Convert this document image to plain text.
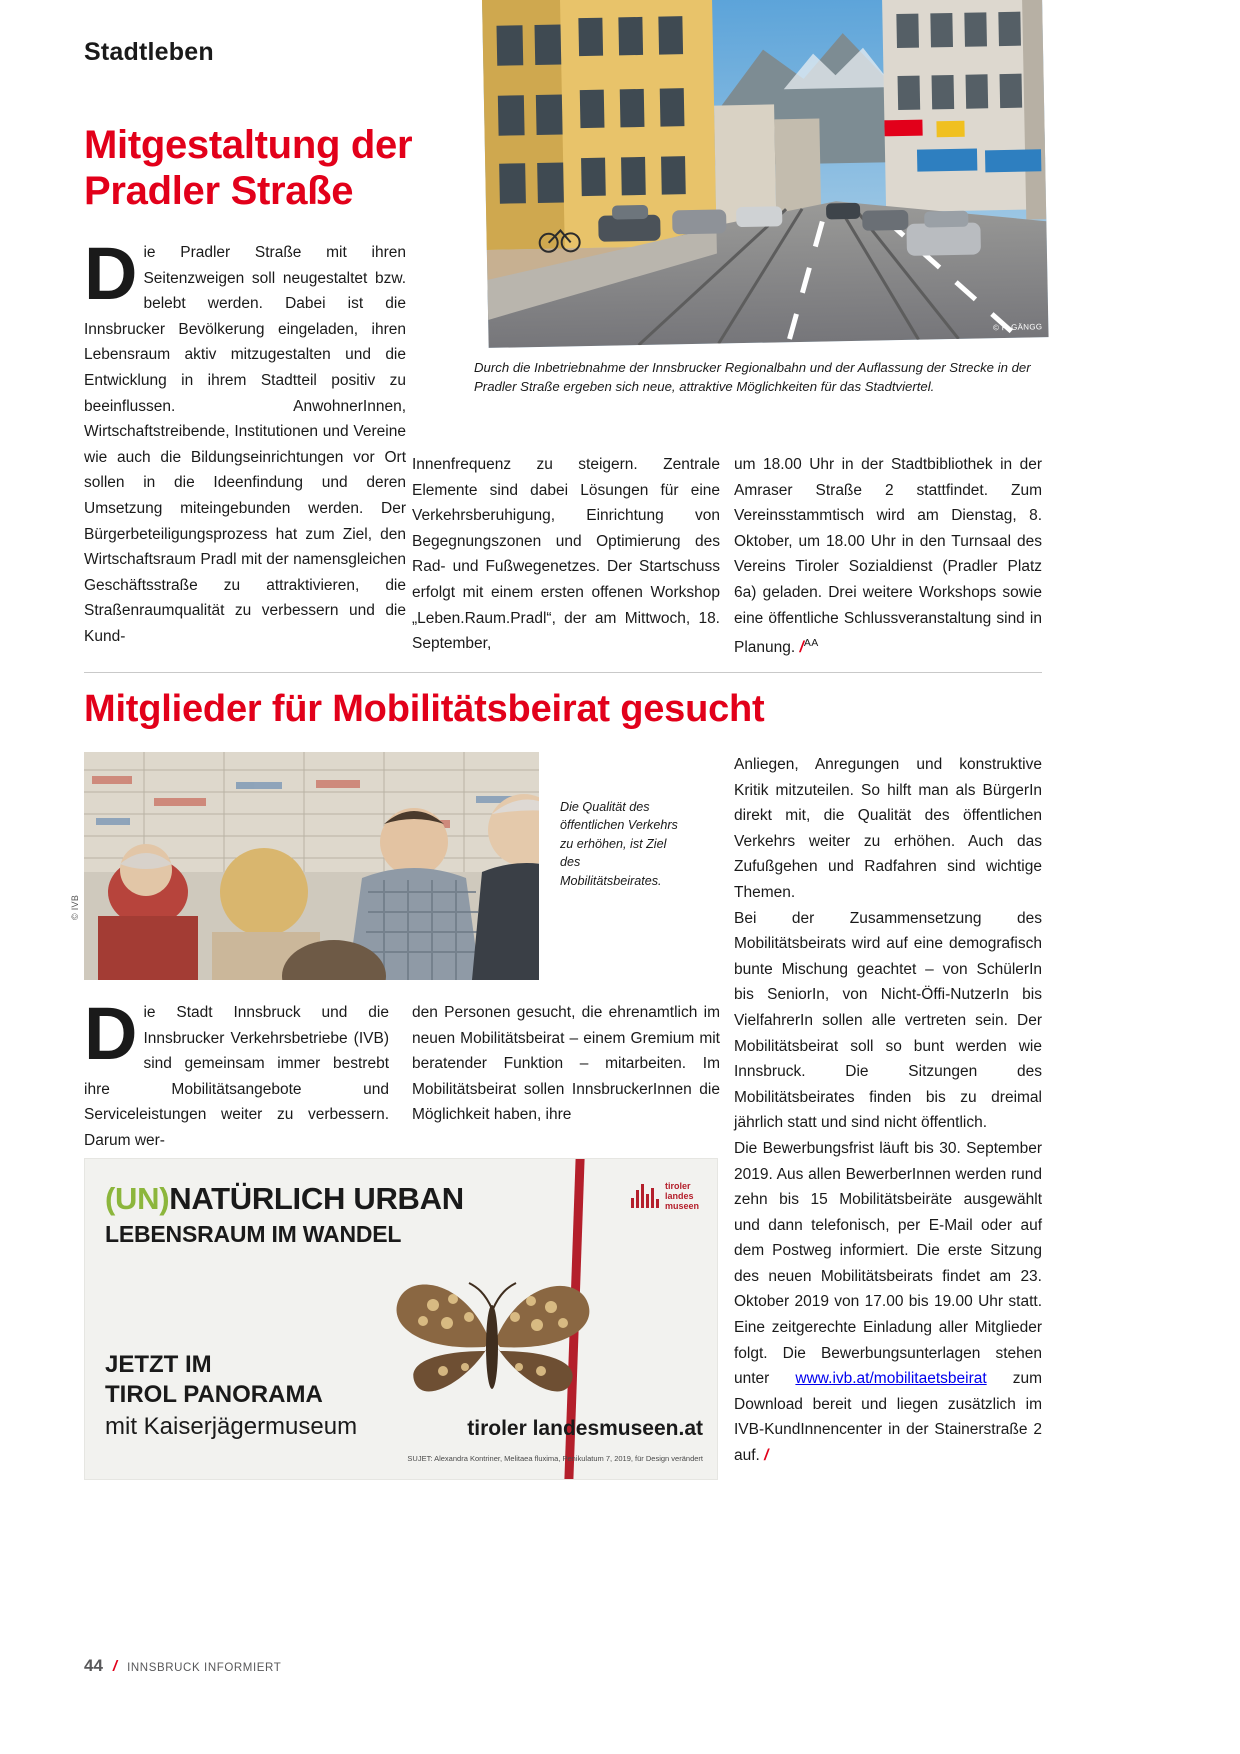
Stadtleben
© F. GÄNGG
Mitgestaltung der Pradler Straße
Die Pradler Straße mit ihren Seitenzweigen soll neugestaltet bzw. belebt werden. Dabei ist die Innsbrucker Bevölkerung eingeladen, ihren Lebensraum aktiv mitzugestalten und die Entwicklung in ihrem Stadtteil positiv zu beeinflussen. AnwohnerInnen, Wirtschaftstreibende, Institutionen und Vereine wie auch die Bildungseinrichtungen vor Ort sollen in die Ideenfindung und deren Umsetzung miteingebunden werden. Der Bürgerbeteiligungsprozess hat zum Ziel, den Wirtschaftsraum Pradl mit der namensgleichen Geschäftsstraße zu attraktivieren, die Straßenraumqualität zu verbessern und die Kund-
Durch die Inbetriebnahme der Innsbrucker Regionalbahn und der Auflassung der Strecke in der Pradler Straße ergeben sich neue, attraktive Möglichkeiten für das Stadtviertel.
Innenfrequenz zu steigern. Zentrale Elemente sind dabei Lösungen für eine Verkehrsberuhigung, Einrichtung von Begegnungszonen und Optimierung des Rad- und Fußwegenetzes. Der Startschuss erfolgt mit einem ersten offenen Workshop „Leben.Raum.Pradl“, der am Mittwoch, 18. September,
um 18.00 Uhr in der Stadtbibliothek in der Amraser Straße 2 stattfindet. Zum Vereinsstammtisch wird am Dienstag, 8. Oktober, um 18.00 Uhr in den Turnsaal des Vereins Tiroler Sozialdienst (Pradler Platz 6a) geladen. Drei weitere Workshops sowie eine öffentliche Schlussveranstaltung sind in Planung. /$^{AA}$
Mitglieder für Mobilitätsbeirat gesucht
© IVB
Die Qualität des öffentlichen Verkehrs zu erhöhen, ist Ziel des Mobilitätsbeirates.
Die Stadt Innsbruck und die Innsbrucker Verkehrsbetriebe (IVB) sind gemeinsam immer bestrebt ihre Mobilitätsangebote und Serviceleistungen weiter zu verbessern. Darum wer-
den Personen gesucht, die ehrenamtlich im neuen Mobilitätsbeirat – einem Gremium mit beratender Funktion – mitarbeiten. Im Mobilitätsbeirat sollen InnsbruckerInnen die Möglichkeit haben, ihre
Anliegen, Anregungen und konstruktive Kritik mitzuteilen. So hilft man als BürgerIn direkt mit, die Qualität des öffentlichen Verkehrs weiter zu erhöhen. Auch das Zufußgehen und Radfahren sind wichtige Themen.
Bei der Zusammensetzung des Mobilitätsbeirats wird auf eine demografisch bunte Mischung geachtet – von SchülerIn bis SeniorIn, von Nicht-Öffi-NutzerIn bis VielfahrerIn sollen alle vertreten sein. Der Mobilitätsbeirat soll so bunt werden wie Innsbruck. Die Sitzungen des Mobilitätsbeirates finden bis zu dreimal jährlich statt und sind nicht öffentlich.
Die Bewerbungsfrist läuft bis 30. September 2019. Aus allen BewerberInnen werden rund zehn bis 15 Mobilitätsbeiräte ausgewählt und dann telefonisch, per E-Mail oder auf dem Postweg informiert. Die erste Sitzung des neuen Mobilitätsbeirats findet am 23. Oktober 2019 von 17.00 bis 19.00 Uhr statt. Eine zeitgerechte Einladung aller Mitglieder folgt. Die Bewerbungsunterlagen stehen unter www.ivb.at/mobilitaetsbeirat zum Download bereit und liegen zusätzlich im IVB-KundInnencenter in der Stainerstraße 2 auf. /
(UN)NATÜRLICH URBAN
LEBENSRAUM IM WANDEL
tiroler
landes
museen
JETZT IM
TIROL PANORAMA
mit Kaiserjägermuseum	tiroler landesmuseen.at
SUJET: Alexandra Kontriner, Melitaea fluxima, Penikulatum 7, 2019, für Design verändert
44 / INNSBRUCK INFORMIERT
